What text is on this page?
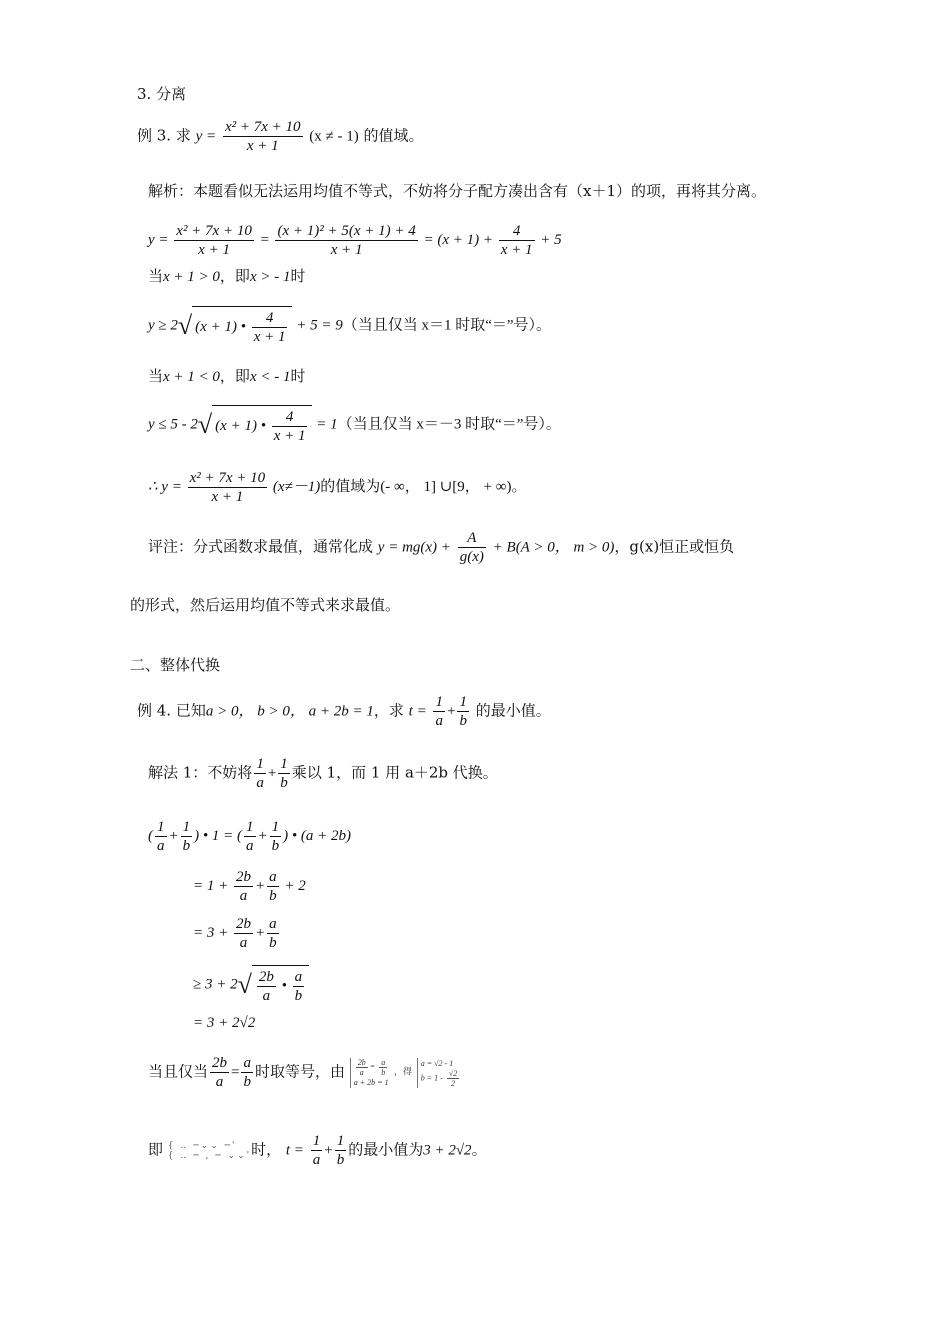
3. 分离
例 3. 求 $y = \frac{\text{x² + 7x + 10}}{x + 1} (x$ ≠ - 1) 的值域。
解析：本题看似无法运用均值不等式，不妨将分子配方凑出含有（x＋1）的项，再将其分离。
$y = \frac{\text{x² + 7x + 10}}{x + 1} = \frac{\text{(x + 1)² + 5(x + 1) + 4}}{x + 1} = (x + 1) + \frac{4}{x + 1} + 5$
当x + 1 > 0，即x > - 1时
y ≥ 2√ (x + 1) • $\frac{4}{x + 1} + 5 = 9$（当且仅当 x＝1 时取“＝”号）。
当x + 1 < 0，即x < - 1时
y ≤ 5 - 2√ (x + 1) • $\frac{4}{x + 1} = 1$（当且仅当 x＝－3 时取“＝”号）。
∴ $y = \frac{\text{x² + 7x + 10}}{x + 1} (x\ne-1)$的值域为(- ∞， 1] ∪[9， + ∞)。
评注：分式函数求最值，通常化成 $y = mg(x) + \frac{A}{g(x)} + B(A > 0$， m > 0)，g(x)恒正或恒负
的形式，然后运用均值不等式来求最值。
二、整体代换
例 4. 已知a > 0， b > 0， a + 2b = 1，求 $t = \frac{1}{a} + \frac{1}{b}$ 的最小值。
解法 1：不妨将 $\frac{1}{a} + \frac{1}{b}$ 乘以 1，而 1 用 a＋2b 代换。
( $\frac{1}{a} + \frac{1}{b}$ ) • 1 = ( $\frac{1}{a} + \frac{1}{b}$ ) • (a + 2b)
= $1 + \frac{2b}{a} + \frac{a}{b} + 2$
= $3 + \frac{2b}{a} + \frac{a}{b}$
≥ $3 + 2√ \frac{2b}{a}$ • $\frac{a}{b}$
= 3 + 2√2
当且仅当 $\frac{2b}{a} = \frac{a}{b}$ 时取等号，由 $\frac{2b}{a} = \frac{a}{b}$

a + 2b = 1 ，得 a = √2 - 1
$b = 1 - \frac{√2}{2}$
即 { ‥ ─⌄⌄ ─'
{ ‥ ─ , ─ ⌄⌄'时， $t = \frac{1}{a} + \frac{1}{b}$ 的最小值为3 + 2√2。
